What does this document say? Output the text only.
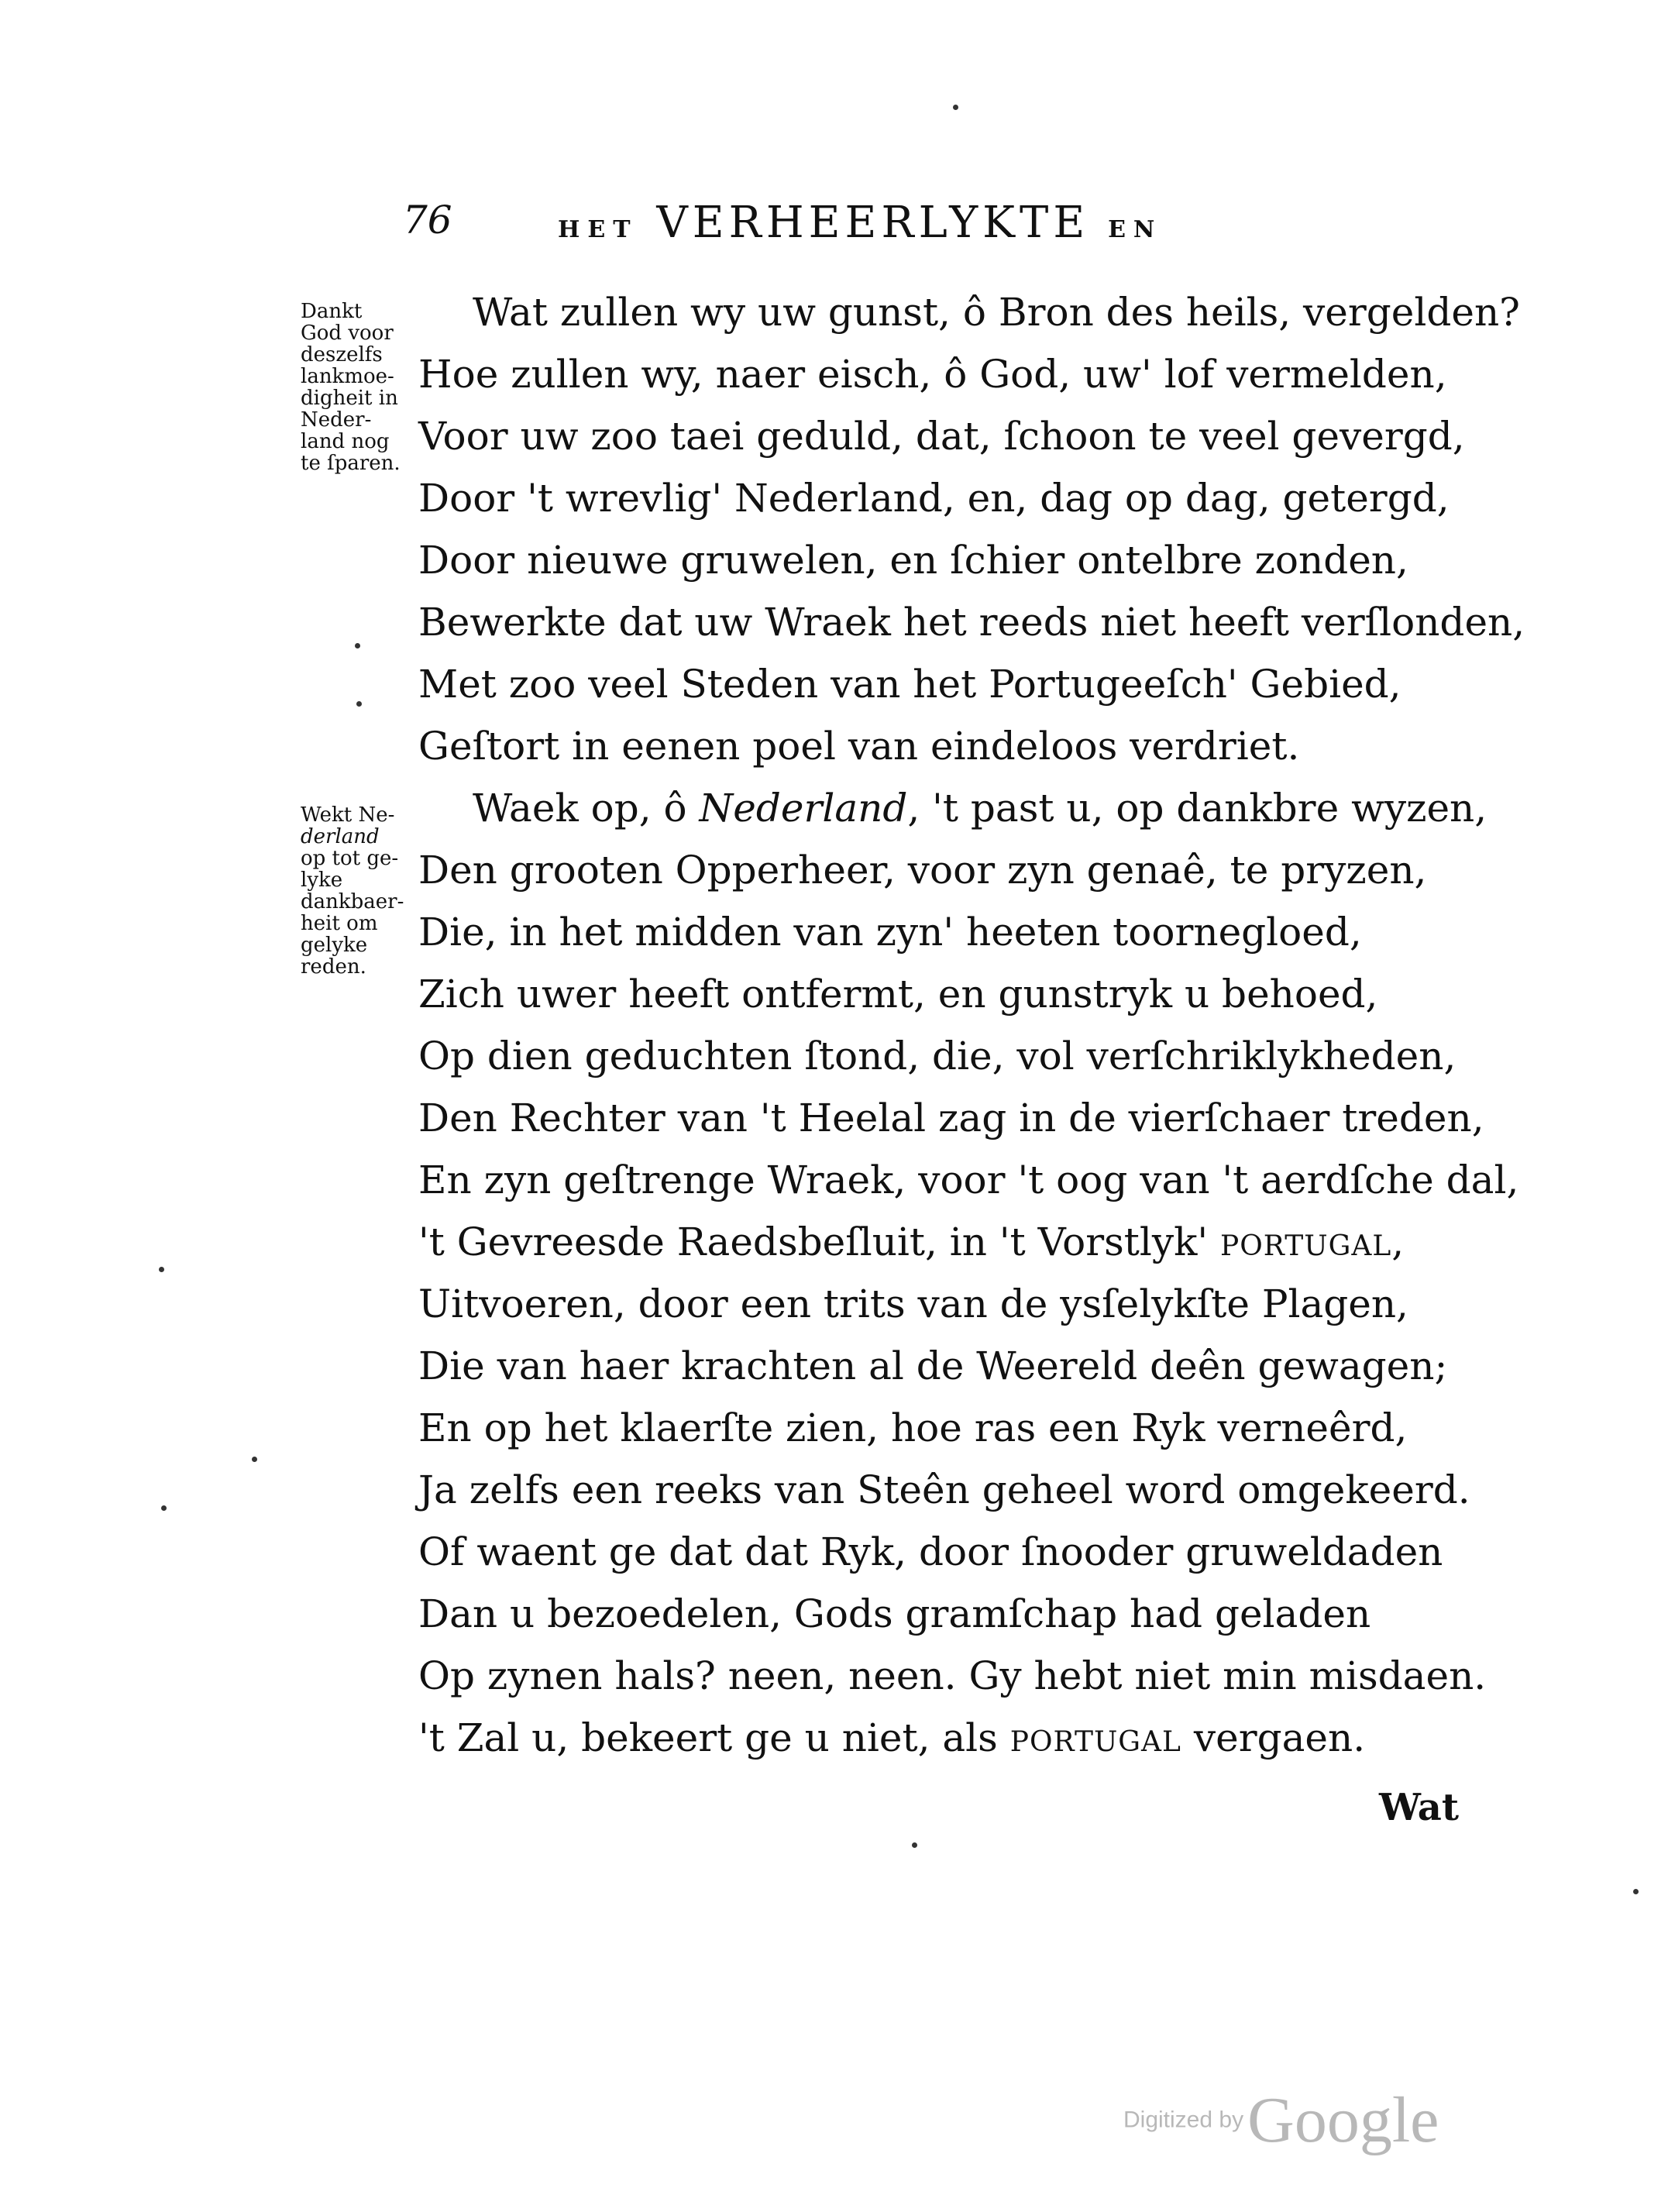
76	HET VERHEERLYKTE EN
Dankt
God voor
deszelfs
lankmoe-
digheit in
Neder-
land nog
te ſparen.
Wekt Ne-
derland
op tot ge-
lyke
dankbaer-
heit om
gelyke
reden.
Wat zullen wy uw gunst, ô Bron des heils, vergelden?
Hoe zullen wy, naer eisch, ô God, uw' lof vermelden,
Voor uw zoo taei geduld, dat, ſchoon te veel gevergd,
Door 't wrevlig' Nederland, en, dag op dag, getergd,
Door nieuwe gruwelen, en ſchier ontelbre zonden,
Bewerkte dat uw Wraek het reeds niet heeft verſlonden,
Met zoo veel Steden van het Portugeeſch' Gebied,
Geſtort in eenen poel van eindeloos verdriet.
Waek op, ô Nederland, 't past u, op dankbre wyzen,
Den grooten Opperheer, voor zyn genaê, te pryzen,
Die, in het midden van zyn' heeten toornegloed,
Zich uwer heeft ontfermt, en gunstryk u behoed,
Op dien geduchten ſtond, die, vol verſchriklykheden,
Den Rechter van 't Heelal zag in de vierſchaer treden,
En zyn geſtrenge Wraek, voor 't oog van 't aerdſche dal,
't Gevreesde Raedsbeſluit, in 't Vorstlyk' PORTUGAL,
Uitvoeren, door een trits van de ysſelykſte Plagen,
Die van haer krachten al de Weereld deên gewagen;
En op het klaerſte zien, hoe ras een Ryk verneêrd,
Ja zelfs een reeks van Steên geheel word omgekeerd.
Of waent ge dat dat Ryk, door ſnooder gruweldaden
Dan u bezoedelen, Gods gramſchap had geladen
Op zynen hals? neen, neen. Gy hebt niet min misdaen.
't Zal u, bekeert ge u niet, als PORTUGAL vergaen.
Wat
Digitized by Google
